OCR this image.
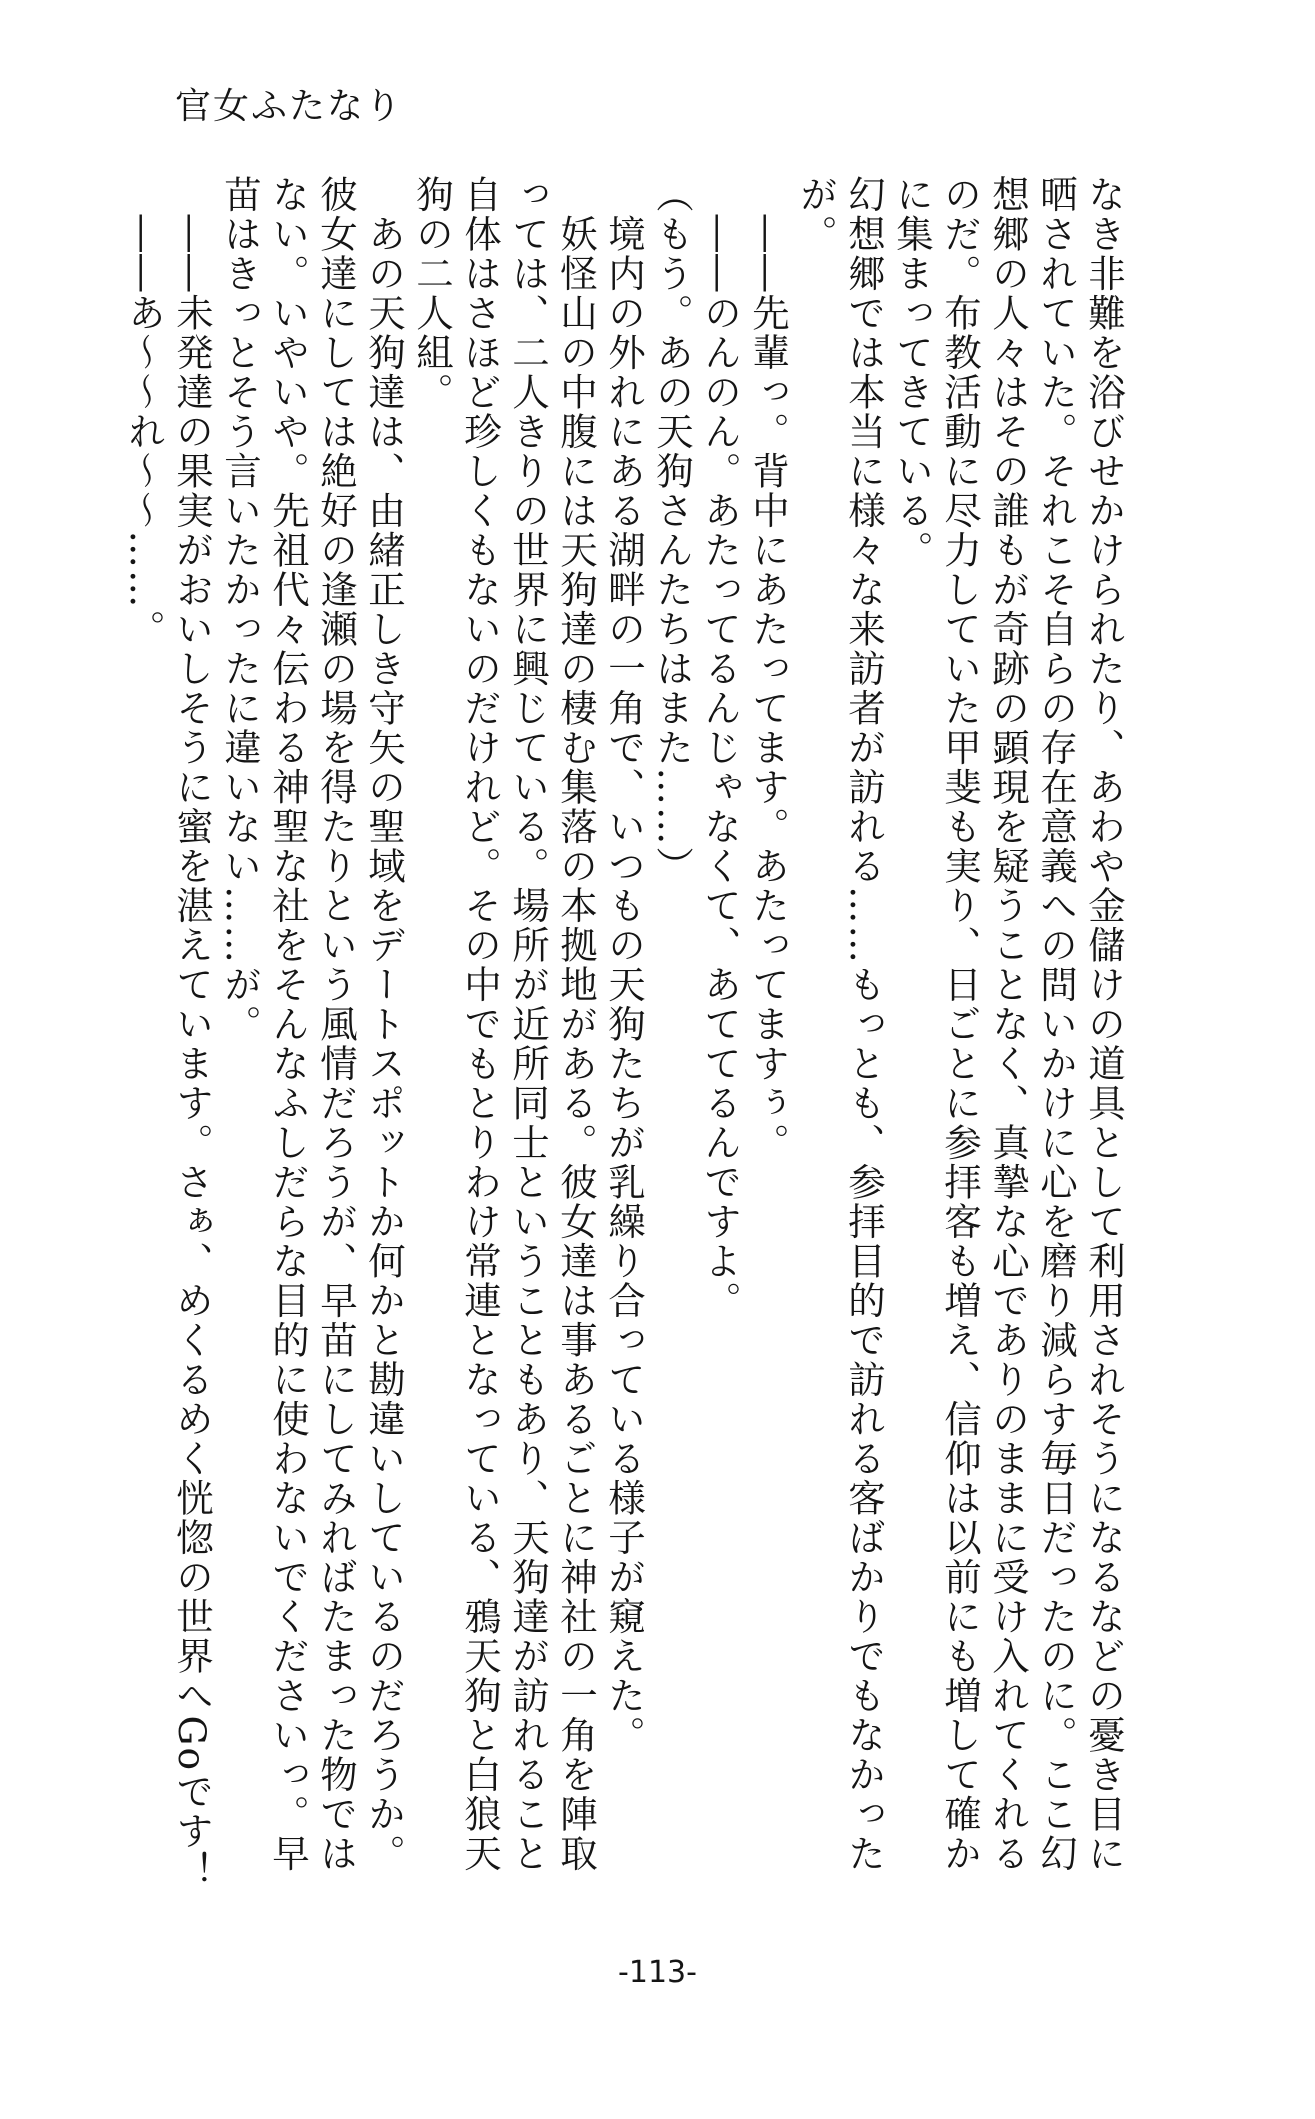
官女ふたなり

なき非難を浴びせかけられたり、あわや金儲けの道具として利用されそうになるなどの憂き目に晒されていた。それこそ自らの存在意義への問いかけに心を磨り減らす毎日だったのに。ここ幻想郷の人々はその誰もが奇跡の顕現を疑うことなく、真摯な心でありのままに受け入れてくれるのだ。布教活動に尽力していた甲斐も実り、日ごとに参拝客も増え、信仰は以前にも増して確かに集まってきている。

幻想郷では本当に様々な来訪者が訪れる……もっとも、参拝目的で訪れる客ばかりでもなかったが。

　――先輩っ。背中にあたってます。あたってますぅ。

　――のんのん。あたってるんじゃなくて、あててるんですよ。

（もう。あの天狗さんたちはまた……）

　境内の外れにある湖畔の一角で、いつもの天狗たちが乳繰り合っている様子が窺えた。

　妖怪山の中腹には天狗達の棲む集落の本拠地がある。彼女達は事あるごとに神社の一角を陣取っては、二人きりの世界に興じている。場所が近所同士ということもあり、天狗達が訪れること自体はさほど珍しくもないのだけれど。その中でもとりわけ常連となっている、鴉天狗と白狼天狗の二人組。

　あの天狗達は、由緒正しき守矢の聖域をデートスポットか何かと勘違いしているのだろうか。彼女達にしては絶好の逢瀬の場を得たりという風情だろうが、早苗にしてみればたまった物ではない。いやいや。先祖代々伝わる神聖な社をそんなふしだらな目的に使わないでくださいっ。早苗はきっとそう言いたかったに違いない……が。

　――未発達の果実がおいしそうに蜜を湛えています。さぁ、めくるめく恍惚の世界へGoです！

　――あ～～れ～～……。

-113-
